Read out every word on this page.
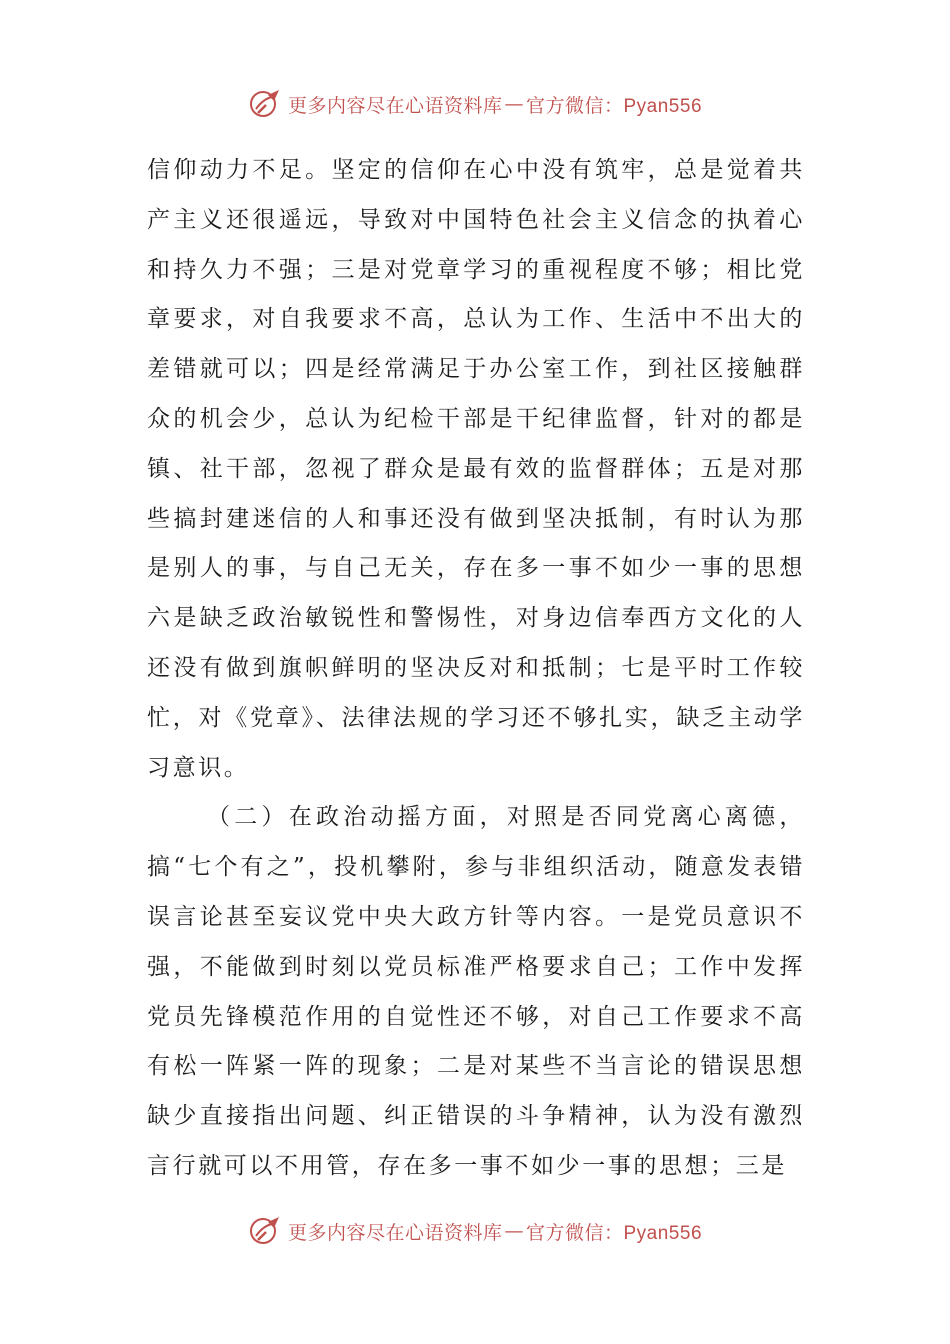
更多内容尽在心语资料库 — 官方微信：Pyan556

信仰动力不足。坚定的信仰在心中没有筑牢，总是觉着共产主义还很遥远，导致对中国特色社会主义信念的执着心和持久力不强；三是对党章学习的重视程度不够；相比党章要求，对自我要求不高，总认为工作、生活中不出大的差错就可以；四是经常满足于办公室工作，到社区接触群众的机会少，总认为纪检干部是干纪律监督，针对的都是镇、社干部，忽视了群众是最有效的监督群体；五是对那些搞封建迷信的人和事还没有做到坚决抵制，有时认为那是别人的事，与自己无关，存在多一事不如少一事的思想六是缺乏政治敏锐性和警惕性，对身边信奉西方文化的人还没有做到旗帜鲜明的坚决反对和抵制；七是平时工作较忙，对《党章》、法律法规的学习还不够扎实，缺乏主动学习意识。

（二）在政治动摇方面，对照是否同党离心离德，搞“七个有之”，投机攀附，参与非组织活动，随意发表错误言论甚至妄议党中央大政方针等内容。一是党员意识不强，不能做到时刻以党员标准严格要求自己；工作中发挥党员先锋模范作用的自觉性还不够，对自己工作要求不高有松一阵紧一阵的现象；二是对某些不当言论的错误思想缺少直接指出问题、纠正错误的斗争精神，认为没有激烈言行就可以不用管，存在多一事不如少一事的思想；三是

更多内容尽在心语资料库 — 官方微信：Pyan556
